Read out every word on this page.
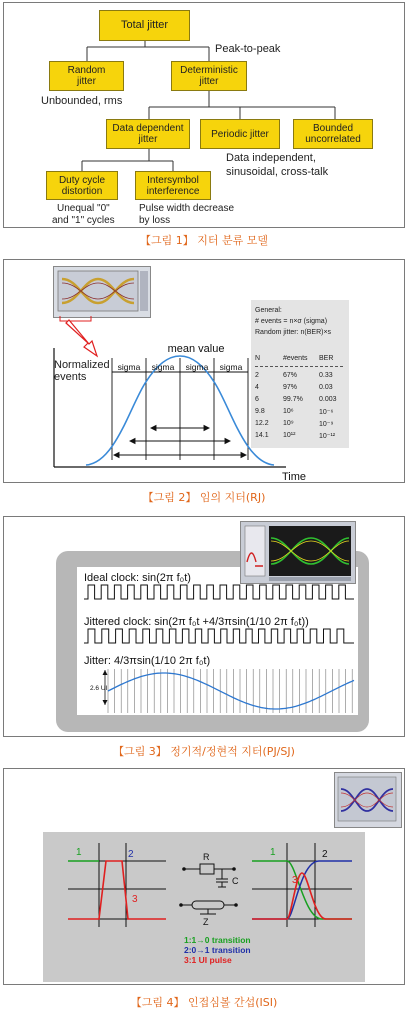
Total jitter
Random
jitter
Deterministic
jitter
Data dependent
jitter	Periodic jitter	Bounded
uncorrelated
Duty cycle
distortion
Intersymbol
interference
Peak-to-peak
Unbounded, rms
Data independent,
sinusoidal, cross-talk
Unequal "0"
and "1" cycles
Pulse width decrease
by loss
【그림 1】 지터 분류 모델
sigma sigma sigma sigma
mean value
Time
Normalized
events
General:
# events = n×σ (sigma)
Random jitter: n(BER)×s
N	#events BER
2	67%	0.33
4	97%	0.03
6	99.7% 0.003
9.8	10⁶	10⁻⁶
12.2 10⁹	10⁻⁹
14.1 10¹²	10⁻¹²
【그림 2】 임의 지터(RJ)
Ideal clock: sin(2π f₀t)
Jittered clock: sin(2π f₀t +4/3πsin(1/10 2π f₀t))
Jitter: 4/3πsin(1/10 2π f₀t)
2.6 UI
【그림 3】 정기적/정현적 지터(PJ/SJ)
1	2
3
1	2
3
R
C
Z
1:1→0 transition
2:0→1 transition
3:1 UI pulse
【그림 4】 인접심볼 간섭(ISI)
